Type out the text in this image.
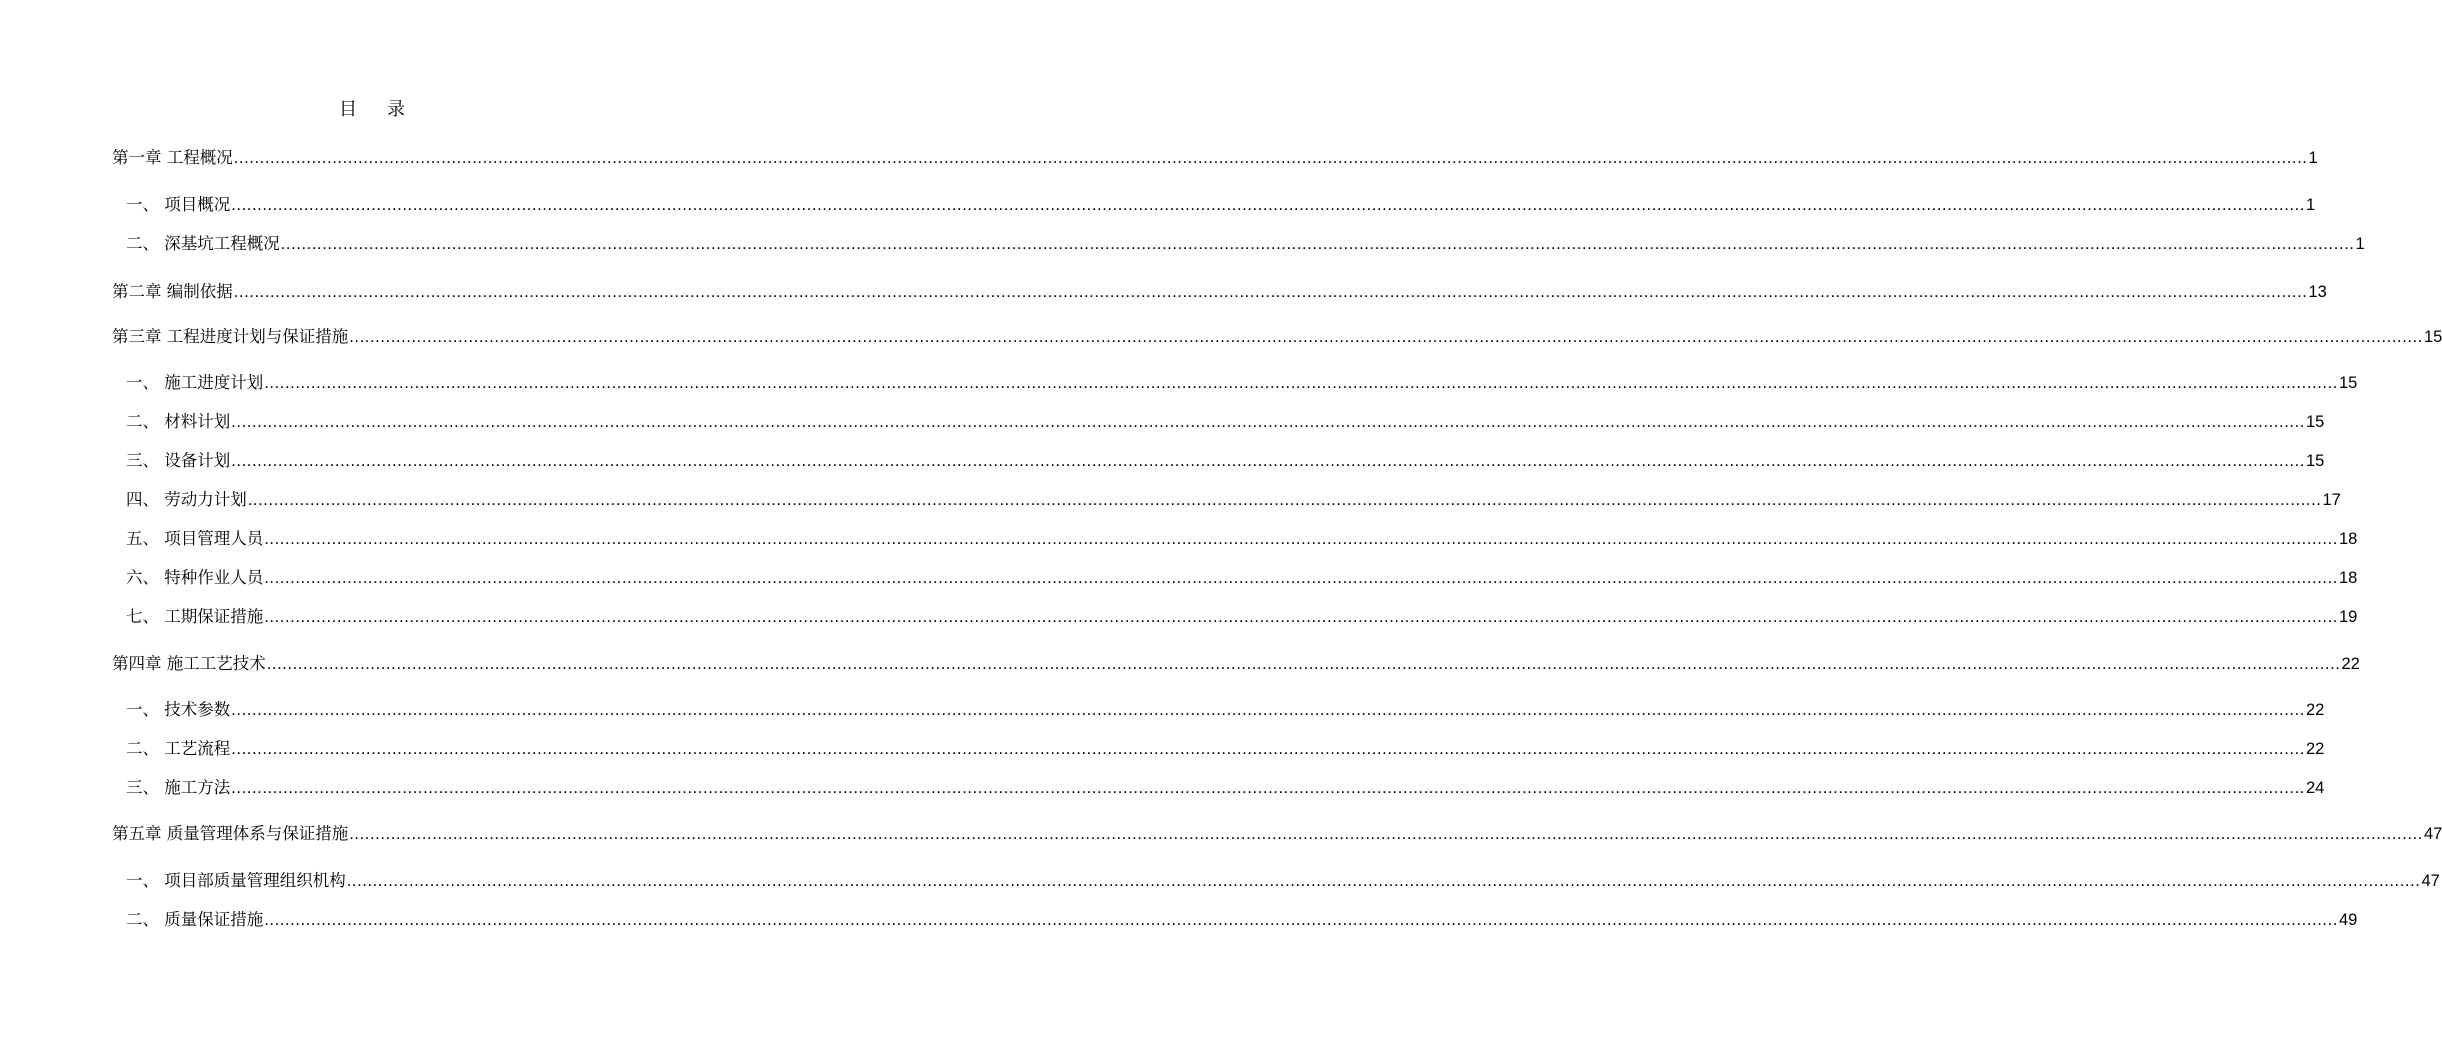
目录
第一章 工程概况 ................................................................................................................................................................................................................................................................................................................................................................................................................ 1
一、 项目概况 ................................................................................................................................................................................................................................................................................................................................................................................................................ 1
二、 深基坑工程概况 ................................................................................................................................................................................................................................................................................................................................................................................................................ 1
第二章 编制依据 ................................................................................................................................................................................................................................................................................................................................................................................................................ 13
第三章 工程进度计划与保证措施 ................................................................................................................................................................................................................................................................................................................................................................................................................ 15
一、 施工进度计划 ................................................................................................................................................................................................................................................................................................................................................................................................................ 15
二、 材料计划 ................................................................................................................................................................................................................................................................................................................................................................................................................ 15
三、 设备计划 ................................................................................................................................................................................................................................................................................................................................................................................................................ 15
四、 劳动力计划 ................................................................................................................................................................................................................................................................................................................................................................................................................ 17
五、 项目管理人员 ................................................................................................................................................................................................................................................................................................................................................................................................................ 18
六、 特种作业人员 ................................................................................................................................................................................................................................................................................................................................................................................................................ 18
七、 工期保证措施 ................................................................................................................................................................................................................................................................................................................................................................................................................ 19
第四章 施工工艺技术 ................................................................................................................................................................................................................................................................................................................................................................................................................ 22
一、 技术参数 ................................................................................................................................................................................................................................................................................................................................................................................................................ 22
二、 工艺流程 ................................................................................................................................................................................................................................................................................................................................................................................................................ 22
三、 施工方法 ................................................................................................................................................................................................................................................................................................................................................................................................................ 24
第五章 质量管理体系与保证措施 ................................................................................................................................................................................................................................................................................................................................................................................................................ 47
一、 项目部质量管理组织机构 ................................................................................................................................................................................................................................................................................................................................................................................................................ 47
二、 质量保证措施 ................................................................................................................................................................................................................................................................................................................................................................................................................ 49
